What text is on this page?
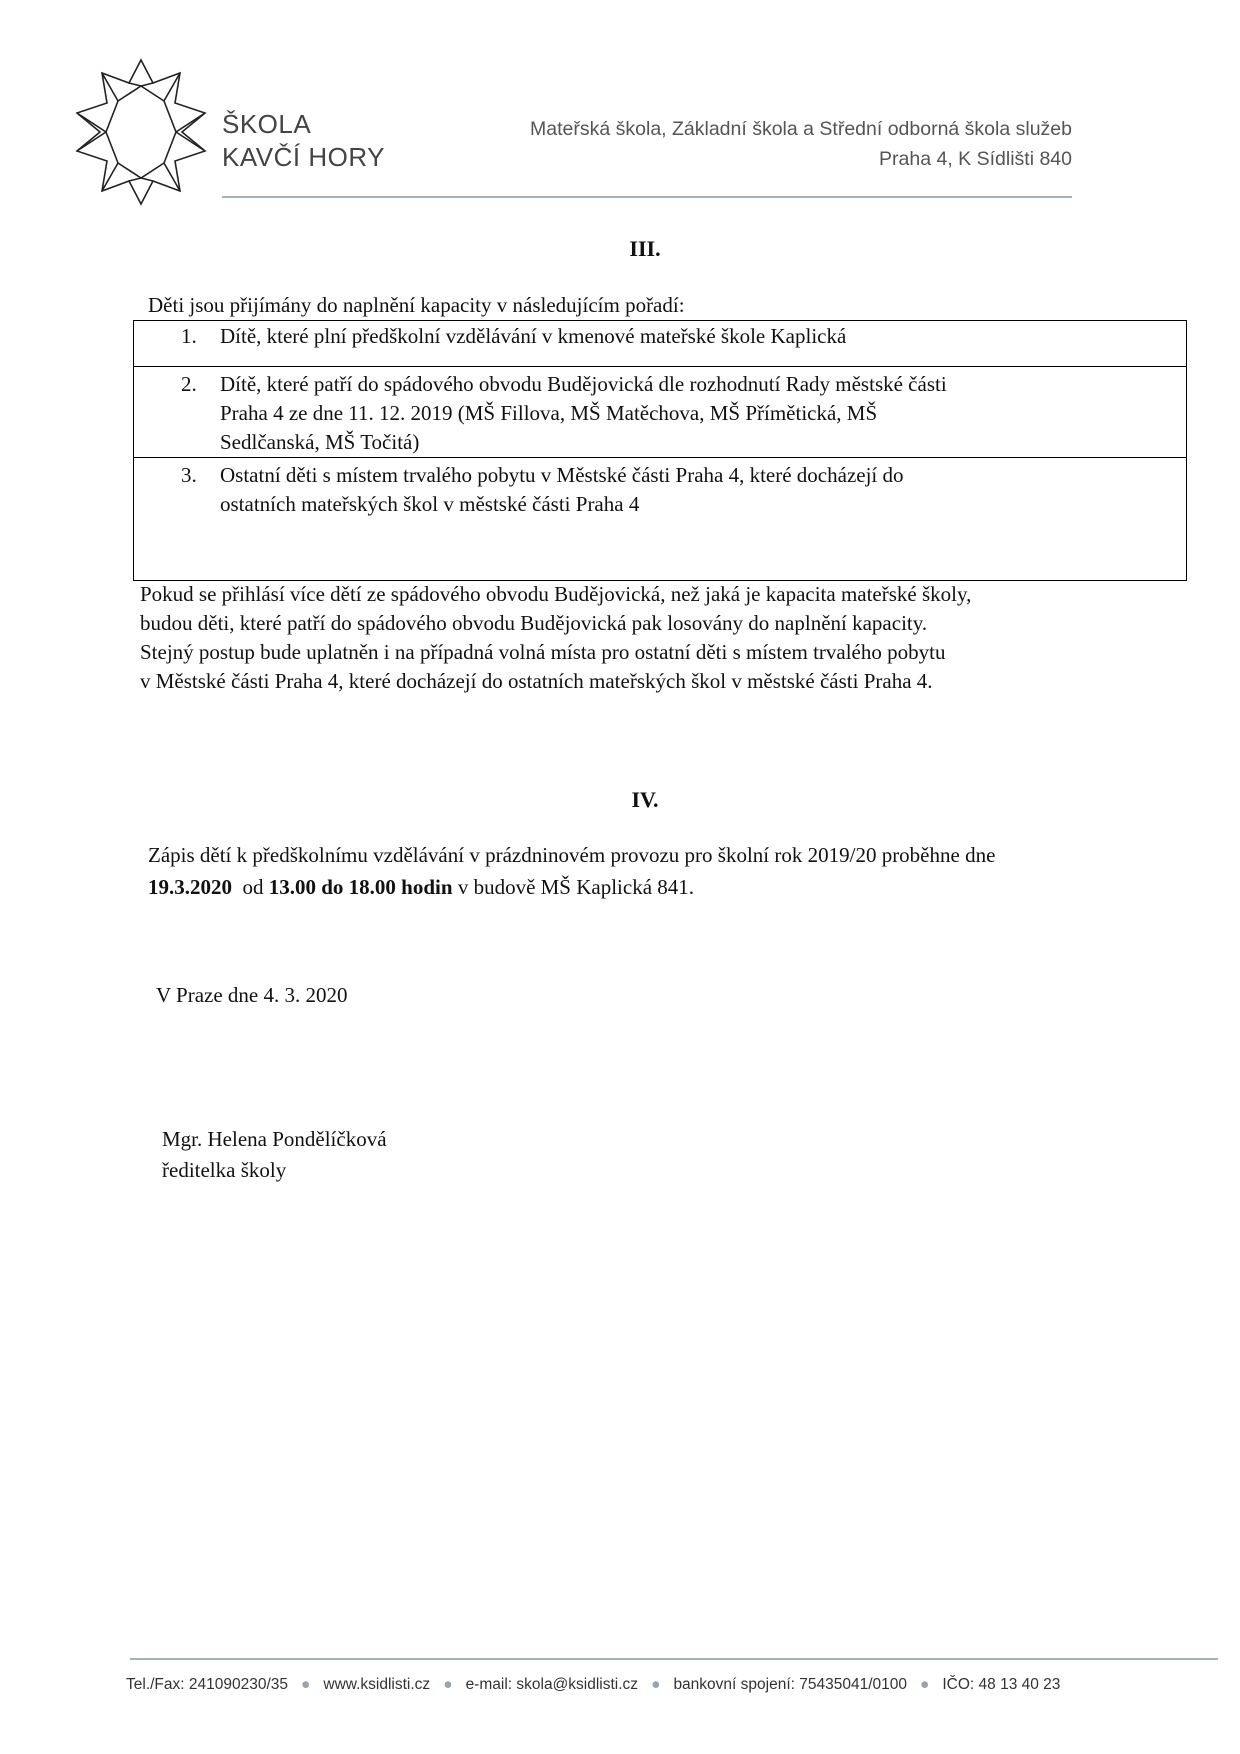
ŠKOLA
KAVČÍ HORY
Mateřská škola, Základní škola a Střední odborná škola služeb
Praha 4, K Sídlišti 840
III.
Děti jsou přijímány do naplnění kapacity v následujícím pořadí:
1. Dítě, které plní předškolní vzdělávání v kmenové mateřské škole Kaplická
2. Dítě, které patří do spádového obvodu Budějovická dle rozhodnutí Rady městské části
Praha 4 ze dne 11. 12. 2019 (MŠ Fillova, MŠ Matěchova, MŠ Přímětická, MŠ
Sedlčanská, MŠ Točitá)
3. Ostatní děti s místem trvalého pobytu v Městské části Praha 4, které docházejí do
ostatních mateřských škol v městské části Praha 4
Pokud se přihlásí více dětí ze spádového obvodu Budějovická, než jaká je kapacita mateřské školy,
budou děti, které patří do spádového obvodu Budějovická pak losovány do naplnění kapacity.
Stejný postup bude uplatněn i na případná volná místa pro ostatní děti s místem trvalého pobytu
v Městské části Praha 4, které docházejí do ostatních mateřských škol v městské části Praha 4.
IV.
Zápis dětí k předškolnímu vzdělávání v prázdninovém provozu pro školní rok 2019/20 proběhne dne
19.3.2020 od 13.00 do 18.00 hodin v budově MŠ Kaplická 841.
V Praze dne 4. 3. 2020
Mgr. Helena Pondělíčková
ředitelka školy
Tel./Fax: 241090230/35 ● www.ksidlisti.cz ● e-mail: skola@ksidlisti.cz ● bankovní spojení: 75435041/0100 ● IČO: 48 13 40 23
